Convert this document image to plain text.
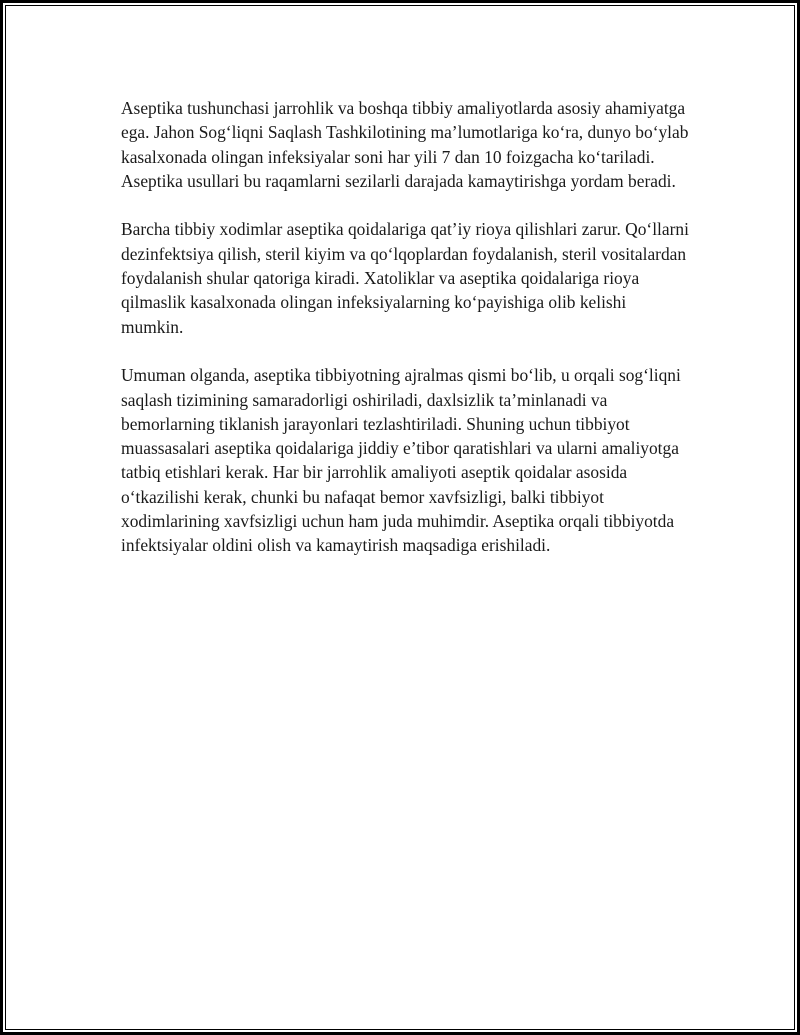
Aseptika tushunchasi jarrohlik va boshqa tibbiy amaliyotlarda asosiy ahamiyatga ega. Jahon Sog‘liqni Saqlash Tashkilotining ma’lumotlariga ko‘ra, dunyo bo‘ylab kasalxonada olingan infeksiyalar soni har yili 7 dan 10 foizgacha ko‘tariladi. Aseptika usullari bu raqamlarni sezilarli darajada kamaytirishga yordam beradi.

Barcha tibbiy xodimlar aseptika qoidalariga qat’iy rioya qilishlari zarur. Qo‘llarni dezinfektsiya qilish, steril kiyim va qo‘lqoplardan foydalanish, steril vositalardan foydalanish shular qatoriga kiradi. Xatoliklar va aseptika qoidalariga rioya qilmaslik kasalxonada olingan infeksiyalarning ko‘payishiga olib kelishi mumkin.

Umuman olganda, aseptika tibbiyotning ajralmas qismi bo‘lib, u orqali sog‘liqni saqlash tizimining samaradorligi oshiriladi, daxlsizlik ta’minlanadi va bemorlarning tiklanish jarayonlari tezlashtiriladi. Shuning uchun tibbiyot muassasalari aseptika qoidalariga jiddiy e’tibor qaratishlari va ularni amaliyotga tatbiq etishlari kerak. Har bir jarrohlik amaliyoti aseptik qoidalar asosida o‘tkazilishi kerak, chunki bu nafaqat bemor xavfsizligi, balki tibbiyot xodimlarining xavfsizligi uchun ham juda muhimdir. Aseptika orqali tibbiyotda infektsiyalar oldini olish va kamaytirish maqsadiga erishiladi.
